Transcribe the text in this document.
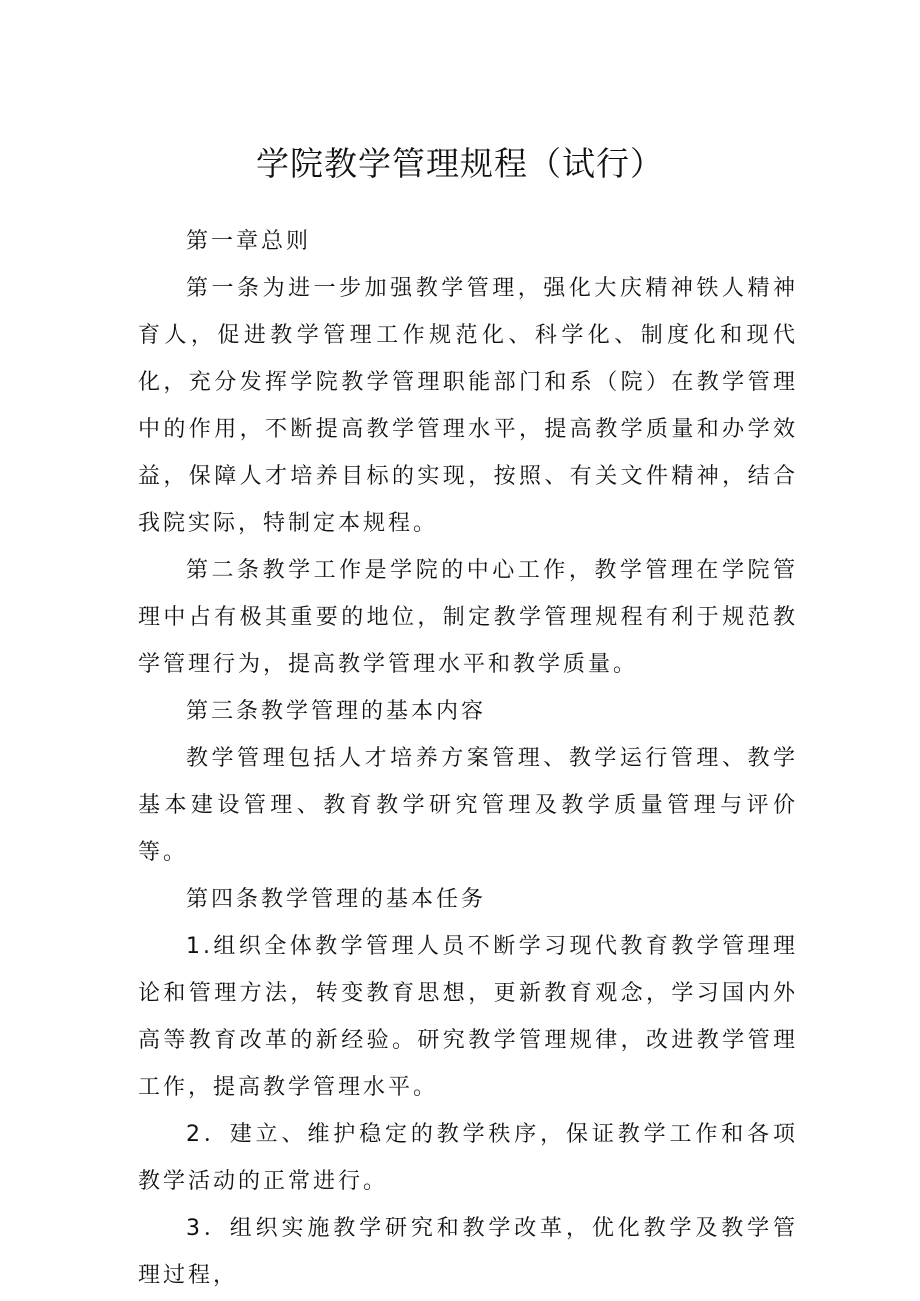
学院教学管理规程（试行）

第一章总则

第一条为进一步加强教学管理，强化大庆精神铁人精神育人，促进教学管理工作规范化、科学化、制度化和现代化，充分发挥学院教学管理职能部门和系（院）在教学管理中的作用，不断提高教学管理水平，提高教学质量和办学效益，保障人才培养目标的实现，按照、有关文件精神，结合我院实际，特制定本规程。

第二条教学工作是学院的中心工作，教学管理在学院管理中占有极其重要的地位，制定教学管理规程有利于规范教学管理行为，提高教学管理水平和教学质量。

第三条教学管理的基本内容

教学管理包括人才培养方案管理、教学运行管理、教学基本建设管理、教育教学研究管理及教学质量管理与评价等。

第四条教学管理的基本任务

1.组织全体教学管理人员不断学习现代教育教学管理理论和管理方法，转变教育思想，更新教育观念，学习国内外高等教育改革的新经验。研究教学管理规律，改进教学管理工作，提高教学管理水平。

2．建立、维护稳定的教学秩序，保证教学工作和各项教学活动的正常进行。

3．组织实施教学研究和教学改革，优化教学及教学管理过程，
